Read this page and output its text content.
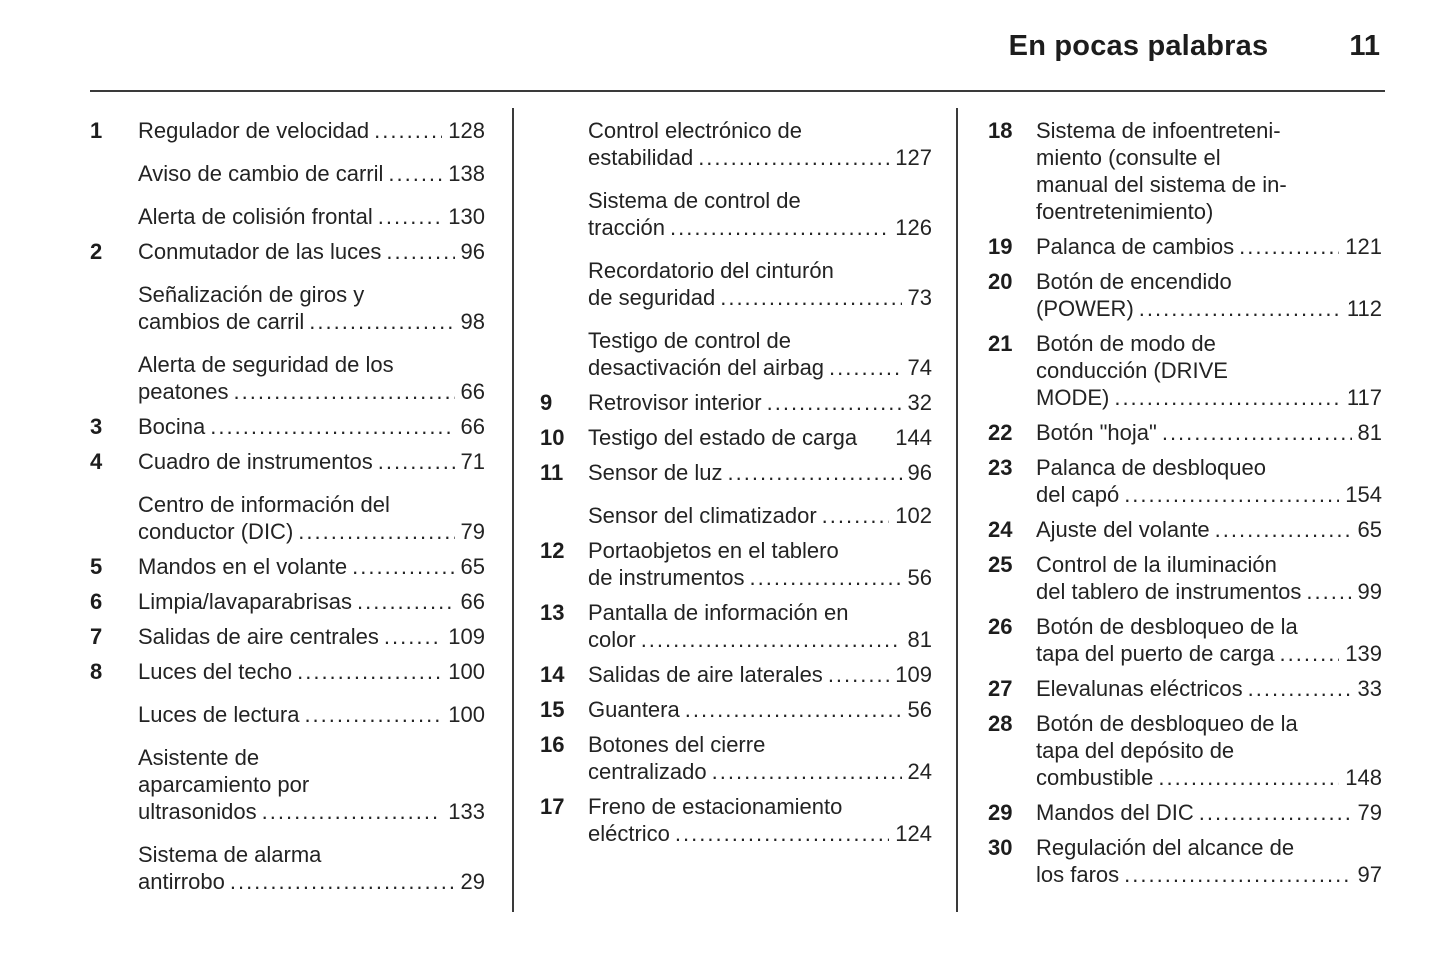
En pocas palabras	11
1	Regulador de velocidad .....	128
Aviso de cambio de carril .....	138
Alerta de colisión frontal .....	130
2	Conmutador de las luces .....	96
Señalización de giros y
cambios de carril .....	98
Alerta de seguridad de los
peatones .....	66
3	Bocina .....	66
4	Cuadro de instrumentos .....	71
Centro de información del
conductor (DIC) .....	79
5	Mandos en el volante .....	65
6	Limpia/lavaparabrisas .....	66
7	Salidas de aire centrales .....	109
8	Luces del techo .....	100
Luces de lectura .....	100
Asistente de
aparcamiento por
ultrasonidos .....	133
Sistema de alarma
antirrobo .....	29
Control electrónico de
estabilidad .....	127
Sistema de control de
tracción .....	126
Recordatorio del cinturón
de seguridad .....	73
Testigo de control de
desactivación del airbag .....	74
9	Retrovisor interior .....	32
10	Testigo del estado de carga 144
11	Sensor de luz .....	96
Sensor del climatizador .....	102
12	Portaobjetos en el tablero
de instrumentos .....	56
13	Pantalla de información en
color .....	81
14	Salidas de aire laterales .....	109
15	Guantera .....	56
16	Botones del cierre
centralizado .....	24
17	Freno de estacionamiento
eléctrico .....	124
18	Sistema de infoentreteni-
miento (consulte el
manual del sistema de in-
foentretenimiento)
19	Palanca de cambios .....	121
20	Botón de encendido
(POWER) .....	112
21	Botón de modo de
conducción (DRIVE
MODE) .....	117
22	Botón "hoja" .....	81
23	Palanca de desbloqueo
del capó .....	154
24	Ajuste del volante .....	65
25	Control de la iluminación
del tablero de instrumentos .....	99
26	Botón de desbloqueo de la
tapa del puerto de carga .....	139
27	Elevalunas eléctricos .....	33
28	Botón de desbloqueo de la
tapa del depósito de
combustible .....	148
29	Mandos del DIC .....	79
30	Regulación del alcance de
los faros .....	97
